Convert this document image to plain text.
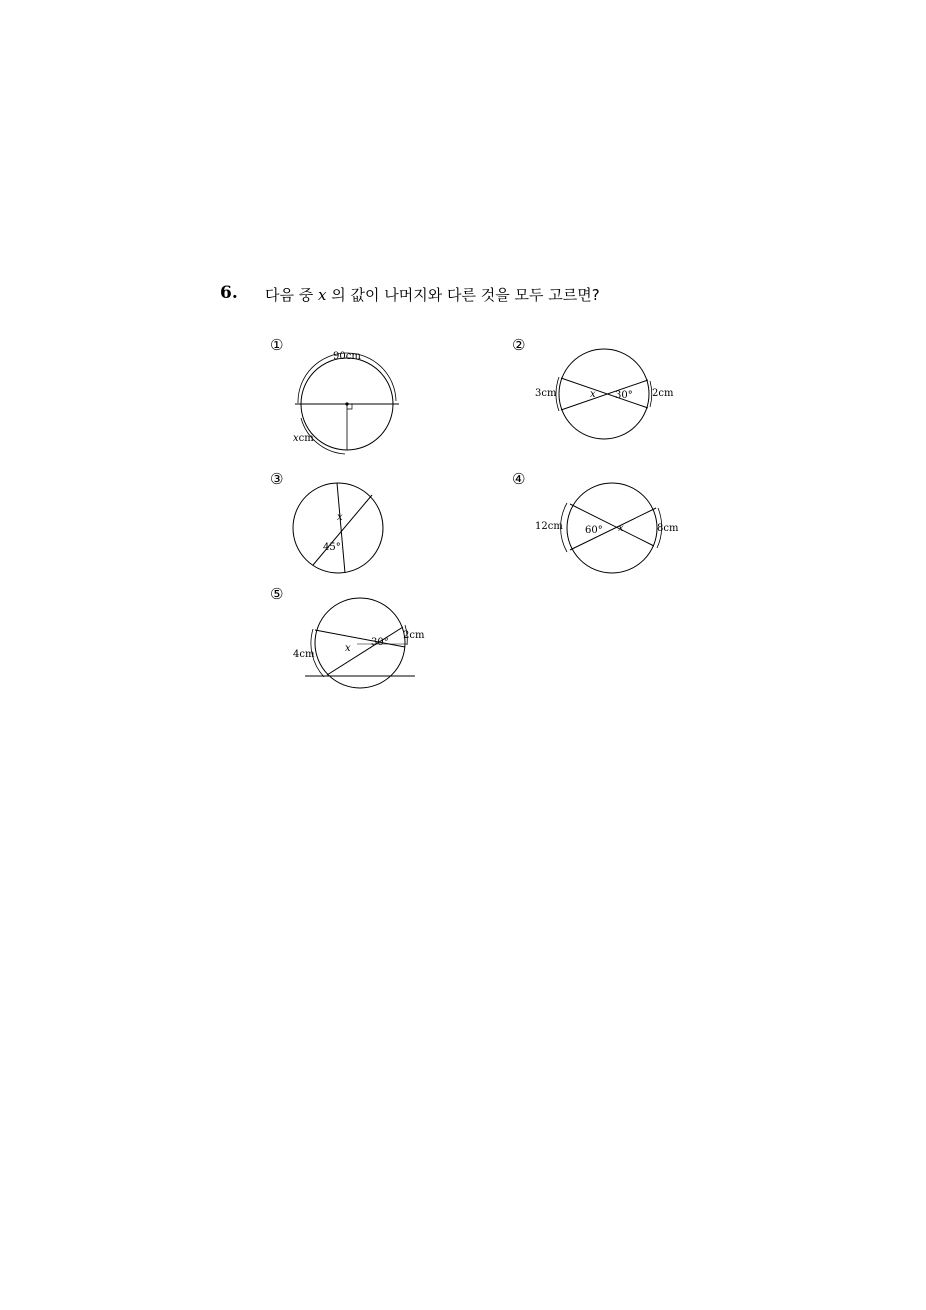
6. 다음 중 x 의 값이 나머지와 다른 것을 모두 고르면?
①
90cm
xcm
②
3cm	2cm
x 30°
③
x
45°
④
12cm	8cm
60° x
⑤
4cm
2cm
x
30°
